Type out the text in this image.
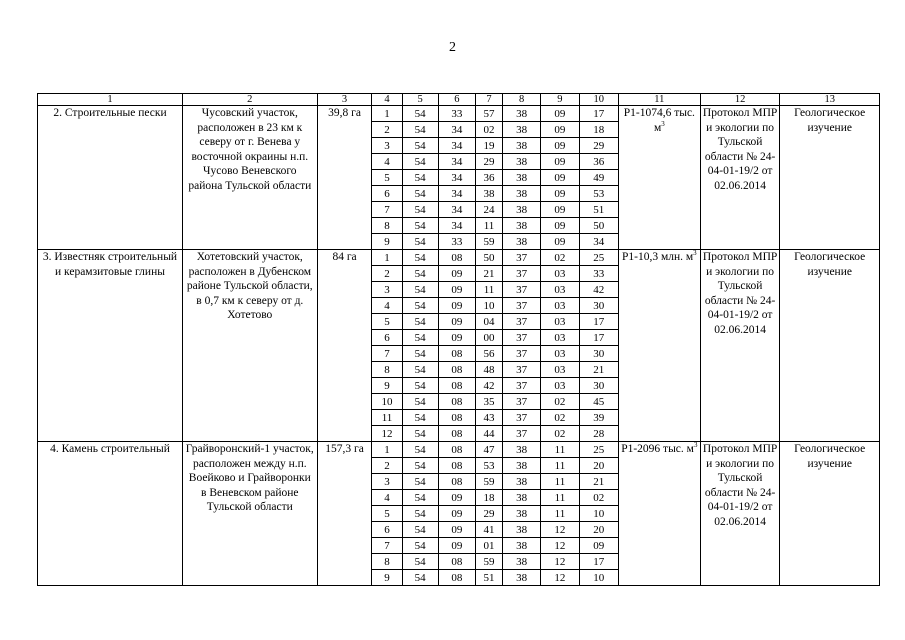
2
1	2	3	4	5	6	7	8	9	10	11	12	13
2. Строительные пески	Чусовский участок, расположен в 23 км к северу от г. Венева у восточной окраины н.п. Чусово Веневского района Тульской области	39,8 га	1	54	33	57	38	09	17	P1-1074,6 тыс. $м^3$	Протокол МПР и экологии по Тульской области № 24-04-01-19/2 от 02.06.2014	Геологическое изучение
			2	54	34	02	38	09	18			
			3	54	34	19	38	09	29			
			4	54	34	29	38	09	36			
			5	54	34	36	38	09	49			
			6	54	34	38	38	09	53			
			7	54	34	24	38	09	51			
			8	54	34	11	38	09	50			
			9	54	33	59	38	09	34			
3. Известняк строительный и керамзитовые глины	Хотетовский участок, расположен в Дубенском районе Тульской области, в 0,7 км к северу от д. Хотетово	84 га	1	54	08	50	37	02	25	P1-10,3 млн. $м^3$	Протокол МПР и экологии по Тульской области № 24-04-01-19/2 от 02.06.2014	Геологическое изучение
			2	54	09	21	37	03	33			
			3	54	09	11	37	03	42			
			4	54	09	10	37	03	30			
			5	54	09	04	37	03	17			
			6	54	09	00	37	03	17			
			7	54	08	56	37	03	30			
			8	54	08	48	37	03	21			
			9	54	08	42	37	03	30			
			10	54	08	35	37	02	45			
			11	54	08	43	37	02	39			
			12	54	08	44	37	02	28			
4. Камень строительный	Грайворонский-1 участок, расположен между н.п. Воейково и Грайворонки в Веневском районе Тульской области	157,3 га	1	54	08	47	38	11	25	P1-2096 тыс. $м^3$	Протокол МПР и экологии по Тульской области № 24-04-01-19/2 от 02.06.2014	Геологическое изучение
			2	54	08	53	38	11	20			
			3	54	08	59	38	11	21			
			4	54	09	18	38	11	02			
			5	54	09	29	38	11	10			
			6	54	09	41	38	12	20			
			7	54	09	01	38	12	09			
			8	54	08	59	38	12	17			
			9	54	08	51	38	12	10			
